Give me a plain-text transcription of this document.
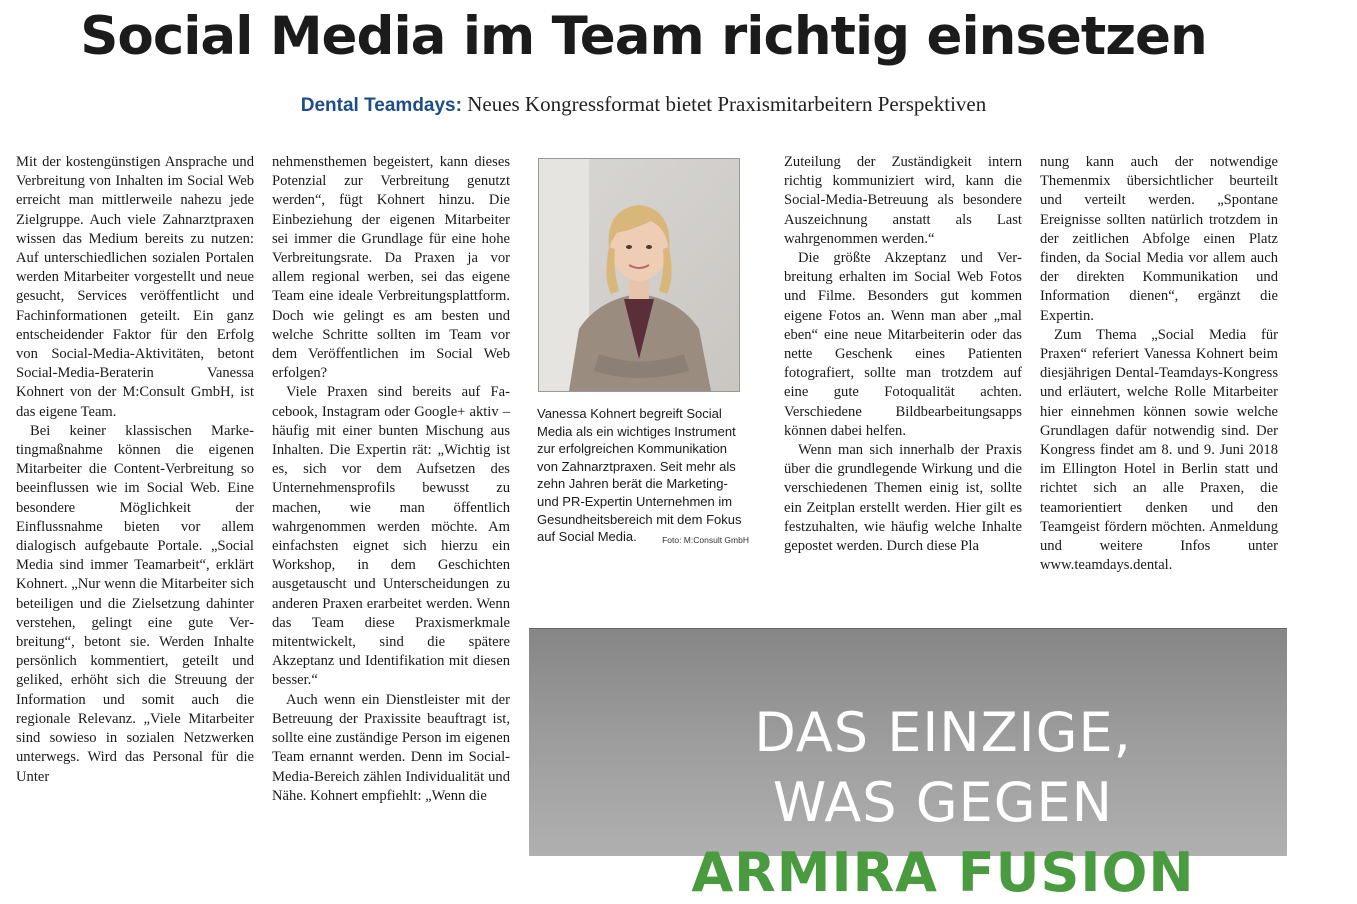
Social Media im Team richtig einsetzen
Dental Teamdays: Neues Kongressformat bietet Praxismitarbeitern Perspektiven

Mit der kostengünstigen Ansprache und Verbreitung von Inhalten im Social Web erreicht man mittlerweile nahezu jede Zielgruppe. Auch viele Zahnarztpraxen wissen das Medium bereits zu nutzen: Auf unterschiedlichen sozialen Portalen werden Mitarbeiter vorgestellt und neue gesucht, Services veröffentlicht und Fachinformationen geteilt. Ein ganz entscheidender Faktor für den Erfolg von Social-Media-Aktivitäten, betont Social-Media-Beraterin Vanessa Kohnert von der M:Consult GmbH, ist das eigene Team.

Bei keiner klassischen Marketingmaßnahme können die eigenen Mitarbeiter die Content-Verbreitung so beeinflussen wie im Social Web. Eine besondere Möglichkeit der Einflussnahme bieten vor allem dialogisch aufgebaute Portale. „Social Media sind immer Teamarbeit“, erklärt Kohnert. „Nur wenn die Mitarbeiter sich beteiligen und die Zielsetzung dahinter verstehen, gelingt eine gute Verbreitung“, betont sie. Werden Inhalte persönlich kommentiert, geteilt und geliked, erhöht sich die Streuung der Information und somit auch die regionale Relevanz. „Viele Mitarbeiter sind sowieso in sozialen Netzwerken unterwegs. Wird das Personal für die Unter

nehmensthemen begeistert, kann dieses Potenzial zur Verbreitung genutzt werden“, fügt Kohnert hinzu. Die Einbeziehung der eigenen Mitarbeiter sei immer die Grundlage für eine hohe Verbreitungsrate. Da Praxen ja vor allem regional werben, sei das eigene Team eine ideale Verbreitungsplattform. Doch wie gelingt es am besten und welche Schritte sollten im Team vor dem Veröffentlichen im Social Web erfolgen?

Viele Praxen sind bereits auf Facebook, Instagram oder Google+ aktiv – häufig mit einer bunten Mischung aus Inhalten. Die Expertin rät: „Wichtig ist es, sich vor dem Aufsetzen des Unternehmensprofils bewusst zu machen, wie man öffentlich wahrgenommen werden möchte. Am einfachsten eignet sich hierzu ein Workshop, in dem Geschichten ausgetauscht und Unterscheidungen zu anderen Praxen erarbeitet werden. Wenn das Team diese Praxismerkmale mitentwickelt, sind die spätere Akzeptanz und Identifikation mit diesen besser.“

Auch wenn ein Dienstleister mit der Betreuung der Praxissite beauftragt ist, sollte eine zuständige Person im eigenen Team ernannt werden. Denn im Social-Media-Bereich zählen Individualität und Nähe. Kohnert empfiehlt: „Wenn die

Vanessa Kohnert begreift Social Media als ein wichtiges Instrument zur erfolgreichen Kommunikation von Zahnarztpraxen. Seit mehr als zehn Jahren berät die Marketing- und PR-Expertin Unternehmen im Gesundheitsbereich mit dem Fokus auf Social Media.	Foto: M:Consult GmbH

Zuteilung der Zuständigkeit intern richtig kommuniziert wird, kann die Social-Media-Betreuung als besondere Auszeichnung anstatt als Last wahrgenommen werden.“

Die größte Akzeptanz und Verbreitung erhalten im Social Web Fotos und Filme. Besonders gut kommen eigene Fotos an. Wenn man aber „mal eben“ eine neue Mitarbeiterin oder das nette Geschenk eines Patienten fotografiert, sollte man trotzdem auf eine gute Fotoqualität achten. Verschiedene Bildbearbeitungsapps können dabei helfen.

Wenn man sich innerhalb der Praxis über die grundlegende Wirkung und die verschiedenen Themen einig ist, sollte ein Zeitplan erstellt werden. Hier gilt es festzuhalten, wie häufig welche Inhalte gepostet werden. Durch diese Pla

nung kann auch der notwendige Themenmix übersichtlicher beurteilt und verteilt werden. „Spontane Ereignisse sollten natürlich trotzdem in der zeitlichen Abfolge einen Platz finden, da Social Media vor allem auch der direkten Kommunikation und Information dienen“, ergänzt die Expertin.

Zum Thema „Social Media für Praxen“ referiert Vanessa Kohnert beim diesjährigen Dental-Teamdays-Kongress und erläutert, welche Rolle Mitarbeiter hier einnehmen können sowie welche Grundlagen dafür notwendig sind. Der Kongress findet am 8. und 9. Juni 2018 im Ellington Hotel in Berlin statt und richtet sich an alle Praxen, die teamorientiert denken und den Teamgeist fördern möchten. Anmeldung und weitere Infos unter www.teamdays.dental.

DAS EINZIGE,
WAS GEGEN
ARMIRA FUSION
